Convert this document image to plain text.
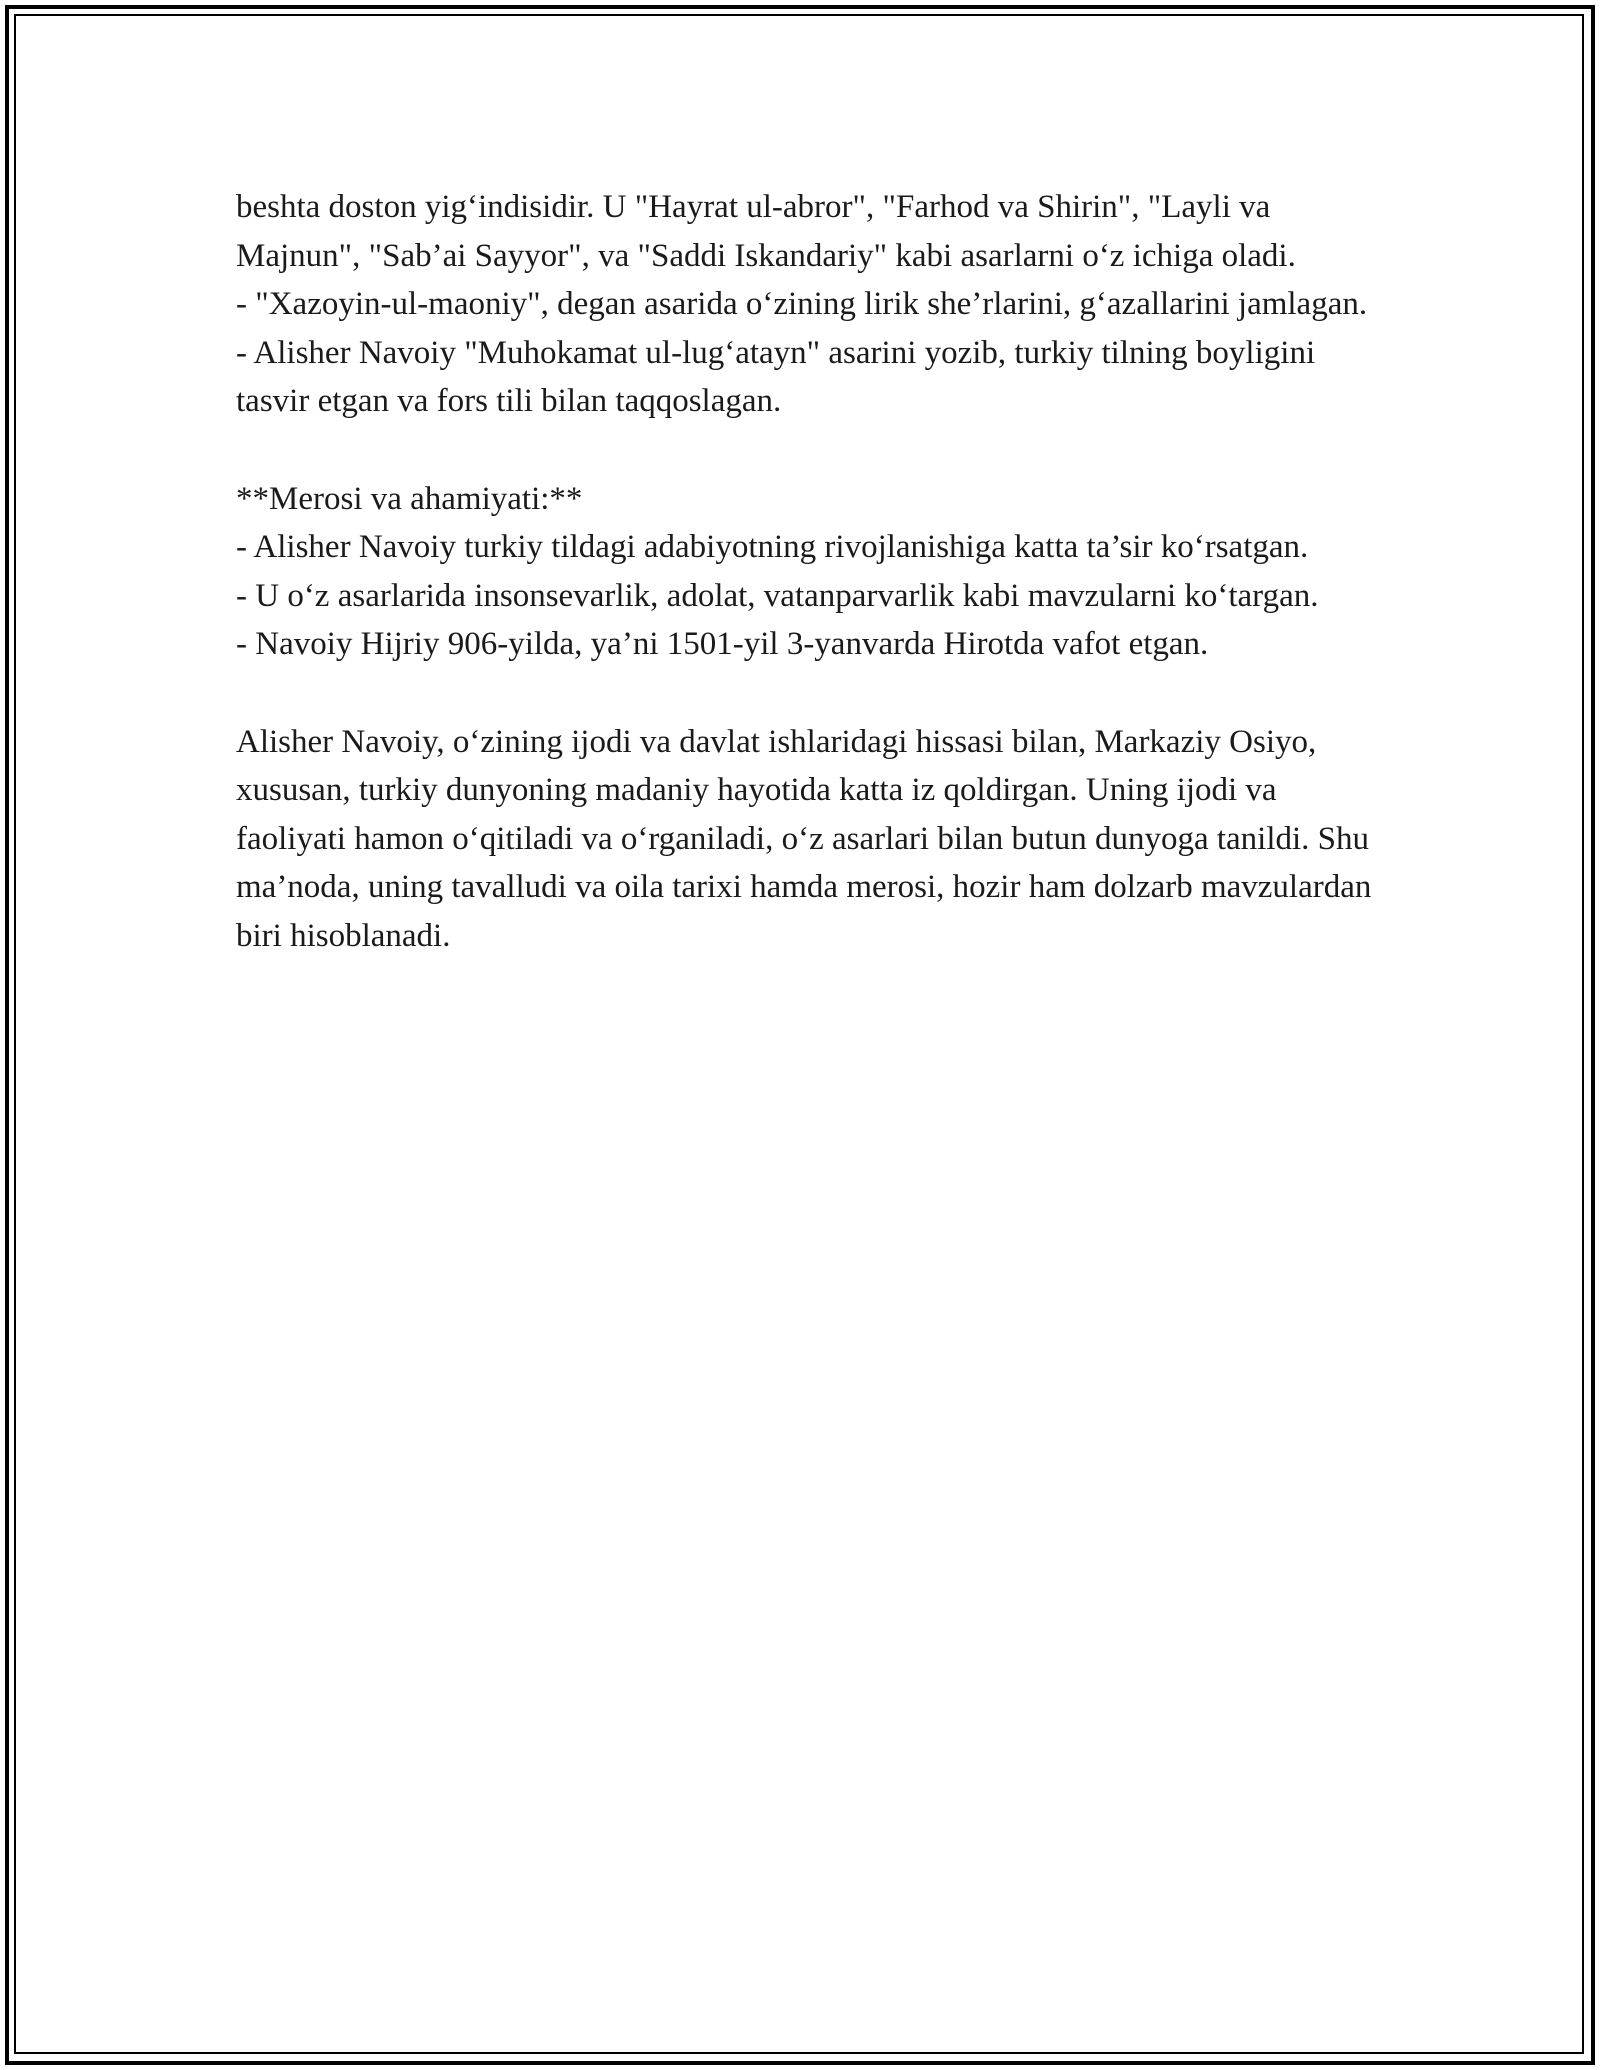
beshta doston yig‘indisidir. U "Hayrat ul-abror", "Farhod va Shirin", "Layli va Majnun", "Sab’ai Sayyor", va "Saddi Iskandariy" kabi asarlarni o‘z ichiga oladi.

- "Xazoyin-ul-maoniy", degan asarida o‘zining lirik she’rlarini, g‘azallarini jamlagan.

- Alisher Navoiy "Muhokamat ul-lug‘atayn" asarini yozib, turkiy tilning boyligini tasvir etgan va fors tili bilan taqqoslagan.

**Merosi va ahamiyati:**

- Alisher Navoiy turkiy tildagi adabiyotning rivojlanishiga katta ta’sir ko‘rsatgan.

- U o‘z asarlarida insonsevarlik, adolat, vatanparvarlik kabi mavzularni ko‘targan.

- Navoiy Hijriy 906-yilda, ya’ni 1501-yil 3-yanvarda Hirotda vafot etgan.

Alisher Navoiy, o‘zining ijodi va davlat ishlaridagi hissasi bilan, Markaziy Osiyo, xususan, turkiy dunyoning madaniy hayotida katta iz qoldirgan. Uning ijodi va faoliyati hamon o‘qitiladi va o‘rganiladi, o‘z asarlari bilan butun dunyoga tanildi. Shu ma’noda, uning tavalludi va oila tarixi hamda merosi, hozir ham dolzarb mavzulardan biri hisoblanadi.
